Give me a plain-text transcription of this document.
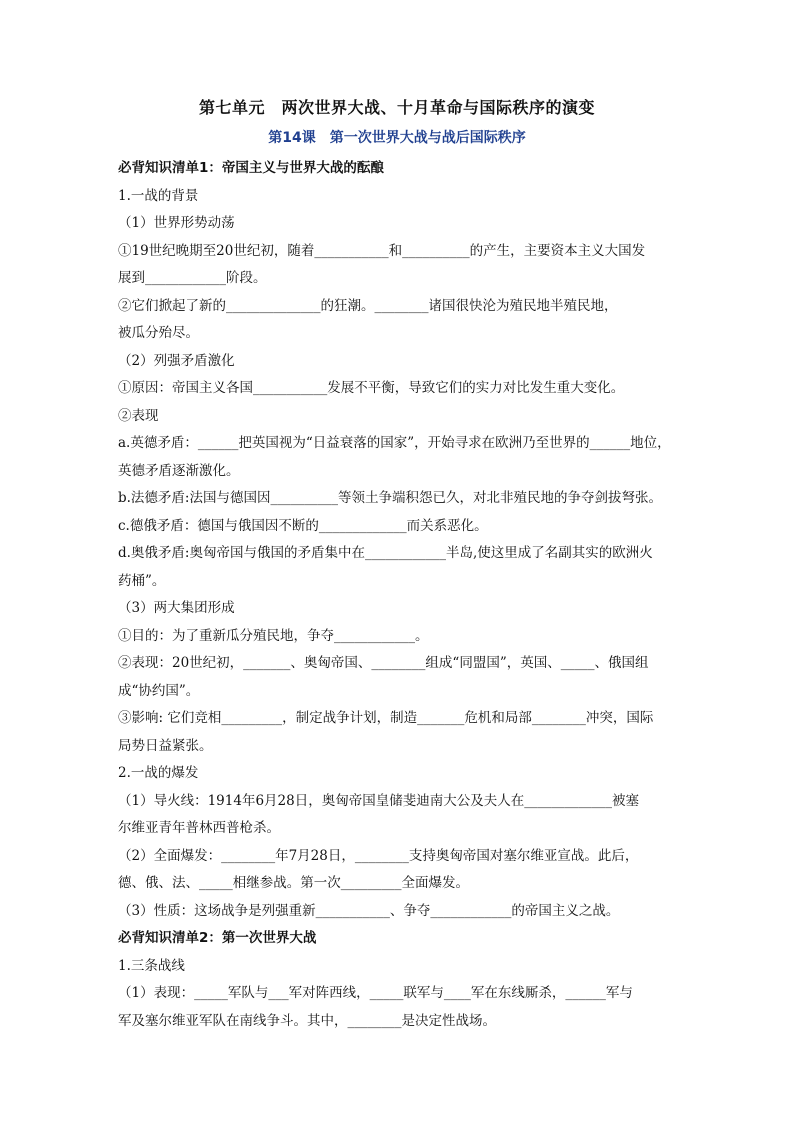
第七单元　两次世界大战、十月革命与国际秩序的演变
第14课　第一次世界大战与战后国际秩序
必背知识清单1：帝国主义与世界大战的酝酿
1.一战的背景
（1）世界形势动荡
①19世纪晚期至20世纪初，随着___________和__________的产生，主要资本主义大国发
展到____________阶段。
②它们掀起了新的______________的狂潮。________诸国很快沦为殖民地半殖民地，
被瓜分殆尽。
（2）列强矛盾激化
①原因：帝国主义各国___________发展不平衡，导致它们的实力对比发生重大变化。
②表现
a.英德矛盾：______把英国视为“日益衰落的国家”，开始寻求在欧洲乃至世界的______地位，
英德矛盾逐渐激化。
b.法德矛盾:法国与德国因__________等领土争端积怨已久，对北非殖民地的争夺剑拔弩张。
c.德俄矛盾：德国与俄国因不断的_____________而关系恶化。
d.奥俄矛盾:奥匈帝国与俄国的矛盾集中在____________半岛,使这里成了名副其实的欧洲火
药桶”。
（3）两大集团形成
①目的：为了重新瓜分殖民地，争夺____________。
②表现：20世纪初，_______、奥匈帝国、________组成“同盟国”，英国、_____、俄国组
成“协约国”。
③影响: 它们竞相_________，制定战争计划，制造_______危机和局部________冲突，国际
局势日益紧张。
2.一战的爆发
（1）导火线：1914年6月28日，奥匈帝国皇储斐迪南大公及夫人在_____________被塞
尔维亚青年普林西普枪杀。
（2）全面爆发：________年7月28日，________支持奥匈帝国对塞尔维亚宣战。此后，
德、俄、法、_____相继参战。第一次_________全面爆发。
（3）性质：这场战争是列强重新___________、争夺____________的帝国主义之战。
必背知识清单2：第一次世界大战
1.三条战线
（1）表现：_____军队与___军对阵西线，_____联军与____军在东线厮杀，______军与
军及塞尔维亚军队在南线争斗。其中，________是决定性战场。
